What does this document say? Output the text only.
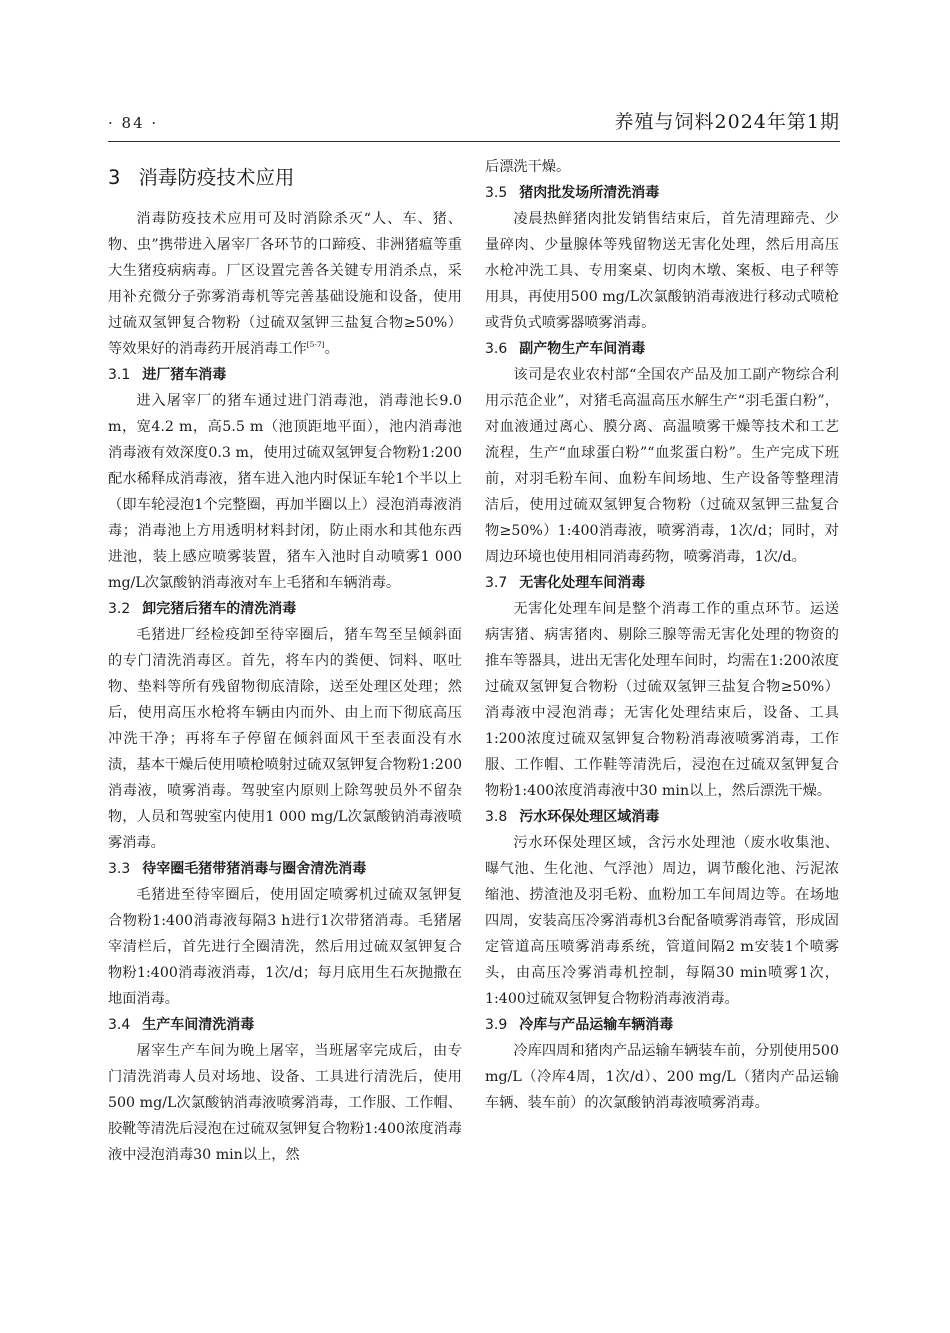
· 84 ·	养殖与饲料2024年第1期
3 消毒防疫技术应用

消毒防疫技术应用可及时消除杀灭“人、车、猪、物、虫”携带进入屠宰厂各环节的口蹄疫、非洲猪瘟等重大生猪疫病病毒。厂区设置完善各关键专用消杀点，采用补充微分子弥雾消毒机等完善基础设施和设备，使用过硫双氢钾复合物粉（过硫双氢钾三盐复合物≥50%）等效果好的消毒药开展消毒工作[5-7]。

3.1 进厂猪车消毒

进入屠宰厂的猪车通过进门消毒池，消毒池长9.0 m，宽4.2 m，高5.5 m（池顶距地平面），池内消毒池消毒液有效深度0.3 m，使用过硫双氢钾复合物粉1:200配水稀释成消毒液，猪车进入池内时保证车轮1个半以上（即车轮浸泡1个完整圈，再加半圈以上）浸泡消毒液消毒；消毒池上方用透明材料封闭，防止雨水和其他东西进池，装上感应喷雾装置，猪车入池时自动喷雾1 000 mg/L次氯酸钠消毒液对车上毛猪和车辆消毒。

3.2 卸完猪后猪车的清洗消毒

毛猪进厂经检疫卸至待宰圈后，猪车驾至呈倾斜面的专门清洗消毒区。首先，将车内的粪便、饲料、呕吐物、垫料等所有残留物彻底清除，送至处理区处理；然后，使用高压水枪将车辆由内而外、由上而下彻底高压冲洗干净；再将车子停留在倾斜面风干至表面没有水渍，基本干燥后使用喷枪喷射过硫双氢钾复合物粉1:200消毒液，喷雾消毒。驾驶室内原则上除驾驶员外不留杂物，人员和驾驶室内使用1 000 mg/L次氯酸钠消毒液喷雾消毒。

3.3 待宰圈毛猪带猪消毒与圈舍清洗消毒

毛猪进至待宰圈后，使用固定喷雾机过硫双氢钾复合物粉1:400消毒液每隔3 h进行1次带猪消毒。毛猪屠宰清栏后，首先进行全圈清洗，然后用过硫双氢钾复合物粉1:400消毒液消毒，1次/d；每月底用生石灰抛撒在地面消毒。

3.4 生产车间清洗消毒

屠宰生产车间为晚上屠宰，当班屠宰完成后，由专门清洗消毒人员对场地、设备、工具进行清洗后，使用500 mg/L次氯酸钠消毒液喷雾消毒，工作服、工作帽、胶靴等清洗后浸泡在过硫双氢钾复合物粉1:400浓度消毒液中浸泡消毒30 min以上，然

后漂洗干燥。

3.5 猪肉批发场所清洗消毒

凌晨热鲜猪肉批发销售结束后，首先清理蹄壳、少量碎肉、少量腺体等残留物送无害化处理，然后用高压水枪冲洗工具、专用案桌、切肉木墩、案板、电子秤等用具，再使用500 mg/L次氯酸钠消毒液进行移动式喷枪或背负式喷雾器喷雾消毒。

3.6 副产物生产车间消毒

该司是农业农村部“全国农产品及加工副产物综合利用示范企业”，对猪毛高温高压水解生产“羽毛蛋白粉”，对血液通过离心、膜分离、高温喷雾干燥等技术和工艺流程，生产“血球蛋白粉”“血浆蛋白粉”。生产完成下班前，对羽毛粉车间、血粉车间场地、生产设备等整理清洁后，使用过硫双氢钾复合物粉（过硫双氢钾三盐复合物≥50%）1:400消毒液，喷雾消毒，1次/d；同时，对周边环境也使用相同消毒药物，喷雾消毒，1次/d。

3.7 无害化处理车间消毒

无害化处理车间是整个消毒工作的重点环节。运送病害猪、病害猪肉、剔除三腺等需无害化处理的物资的推车等器具，进出无害化处理车间时，均需在1:200浓度过硫双氢钾复合物粉（过硫双氢钾三盐复合物≥50%）消毒液中浸泡消毒；无害化处理结束后，设备、工具1:200浓度过硫双氢钾复合物粉消毒液喷雾消毒，工作服、工作帽、工作鞋等清洗后，浸泡在过硫双氢钾复合物粉1:400浓度消毒液中30 min以上，然后漂洗干燥。

3.8 污水环保处理区域消毒

污水环保处理区域，含污水处理池（废水收集池、曝气池、生化池、气浮池）周边，调节酸化池、污泥浓缩池、捞渣池及羽毛粉、血粉加工车间周边等。在场地四周，安装高压冷雾消毒机3台配备喷雾消毒管，形成固定管道高压喷雾消毒系统，管道间隔2 m安装1个喷雾头，由高压冷雾消毒机控制，每隔30 min喷雾1次，1:400过硫双氢钾复合物粉消毒液消毒。

3.9 冷库与产品运输车辆消毒

冷库四周和猪肉产品运输车辆装车前，分别使用500 mg/L（冷库4周，1次/d）、200 mg/L（猪肉产品运输车辆、装车前）的次氯酸钠消毒液喷雾消毒。
